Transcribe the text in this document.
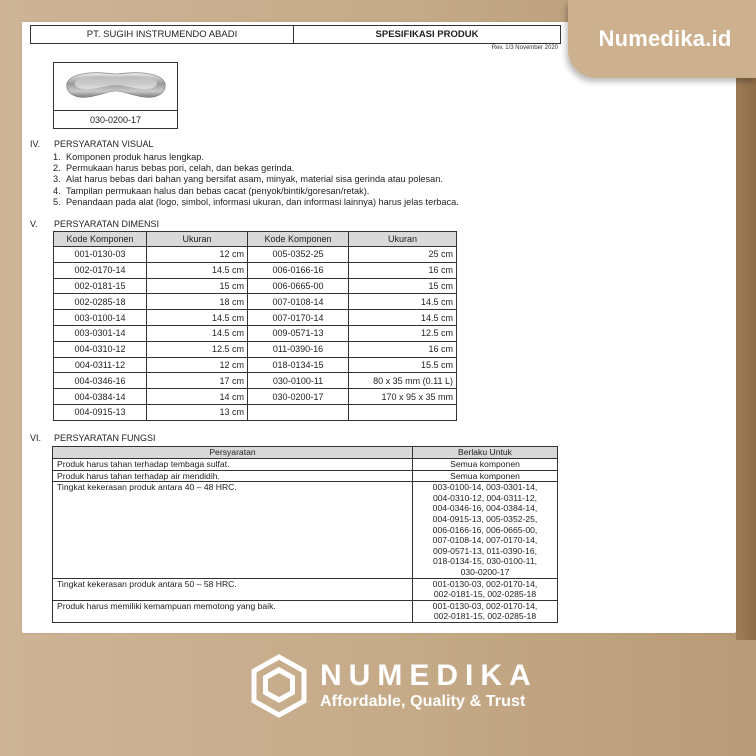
Numedika.id
PT. SUGIH INSTRUMENDO ABADI	SPESIFIKASI PRODUK
Rev. 1/3 November 2020
030-0200-17
IV. PERSYARATAN VISUAL
1. Komponen produk harus lengkap.
2. Permukaan harus bebas pori, celah, dan bekas gerinda.
3. Alat harus bebas dari bahan yang bersifat asam, minyak, material sisa gerinda atau polesan.
4. Tampilan permukaan halus dan bebas cacat (penyok/bintik/goresan/retak).
5. Penandaan pada alat (logo, simbol, informasi ukuran, dan informasi lainnya) harus jelas terbaca.
V. PERSYARATAN DIMENSI
Kode Komponen	Ukuran	Kode Komponen	Ukuran
001-0130-03	12 cm	005-0352-25	25 cm
002-0170-14	14.5 cm	006-0166-16	16 cm
002-0181-15	15 cm	006-0665-00	15 cm
002-0285-18	18 cm	007-0108-14	14.5 cm
003-0100-14	14.5 cm	007-0170-14	14.5 cm
003-0301-14	14.5 cm	009-0571-13	12.5 cm
004-0310-12	12.5 cm	011-0390-16	16 cm
004-0311-12	12 cm	018-0134-15	15.5 cm
004-0346-16	17 cm	030-0100-11	80 x 35 mm (0.11 L)
004-0384-14	14 cm	030-0200-17	170 x 95 x 35 mm
004-0915-13	13 cm		
VI. PERSYARATAN FUNGSI
Persyaratan	Berlaku Untuk
Produk harus tahan terhadap tembaga sulfat.	Semua komponen

Produk harus tahan terhadap air mendidih.	Semua komponen

Tingkat kekerasan produk antara 40 – 48 HRC.	003-0100-14, 003-0301-14,
004-0310-12, 004-0311-12,
004-0346-16, 004-0384-14,
004-0915-13, 005-0352-25,
006-0166-16, 006-0665-00,
007-0108-14, 007-0170-14,
009-0571-13, 011-0390-16,
018-0134-15, 030-0100-11,
030-0200-17

Tingkat kekerasan produk antara 50 – 58 HRC.	001-0130-03, 002-0170-14,
002-0181-15, 002-0285-18

Produk harus memiliki kemampuan memotong yang baik.	001-0130-03, 002-0170-14,
002-0181-15, 002-0285-18
NUMEDIKA
Affordable, Quality & Trust
